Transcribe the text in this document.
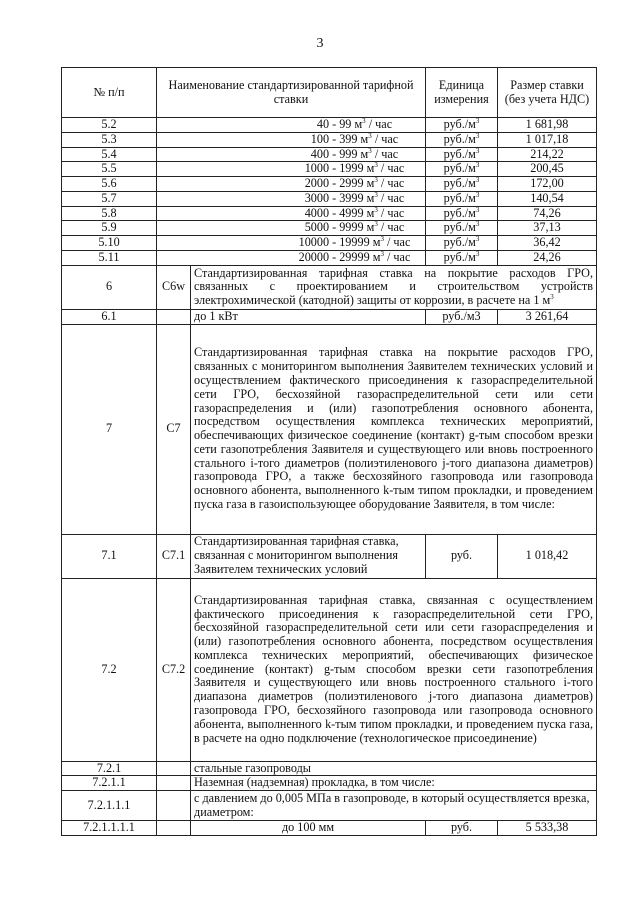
3
№ п/п	Наименование стандартизированной тарифной ставки		Единица измерения	Размер ставки (без учета НДС)
5.2	40 - 99 $м^3$ / час		$руб./м^3$	1 681,98
5.3	100 - 399 $м^3$ / час		$руб./м^3$	1 017,18
5.4	400 - 999 $м^3$ / час		$руб./м^3$	214,22
5.5	1000 - 1999 $м^3$ / час		$руб./м^3$	200,45
5.6	2000 - 2999 $м^3$ / час		$руб./м^3$	172,00
5.7	3000 - 3999 $м^3$ / час		$руб./м^3$	140,54
5.8	4000 - 4999 $м^3$ / час		$руб./м^3$	74,26
5.9	5000 - 9999 $м^3$ / час		$руб./м^3$	37,13
5.10	10000 - 19999 $м^3$ / час		$руб./м^3$	36,42
5.11	20000 - 29999 $м^3$ / час		$руб./м^3$	24,26
6	C6w	Стандартизированная тарифная ставка на покрытие расходов ГРО, связанных с проектированием и строительством устройств электрохимической (катодной) защиты от коррозии, в расчете на 1 $м^3$
6.1		до 1 кВт	руб./м3	3 261,64
7	C7	Стандартизированная тарифная ставка на покрытие расходов ГРО, связанных с мониторингом выполнения Заявителем технических условий и осуществлением фактического присоединения к газораспределительной сети ГРО, бесхозяйной газораспределительной сети или сети газораспределения и (или) газопотребления основного абонента, посредством осуществления комплекса технических мероприятий, обеспечивающих физическое соединение (контакт) g-тым способом врезки сети газопотребления Заявителя и существующего или вновь построенного стального i-того диаметров (полиэтиленового j-того диапазона диаметров) газопровода ГРО, а также бесхозяйного газопровода или газопровода основного абонента, выполненного k-тым типом прокладки, и проведением пуска газа в газоиспользующее оборудование Заявителя, в том числе:		
7.1	C7.1	Стандартизированная тарифная ставка, связанная с мониторингом выполнения Заявителем технических условий	руб.	1 018,42
7.2	C7.2	Стандартизированная тарифная ставка, связанная с осуществлением фактического присоединения к газораспределительной сети ГРО, бесхозяйной газораспределительной сети или сети газораспределения и (или) газопотребления основного абонента, посредством осуществления комплекса технических мероприятий, обеспечивающих физическое соединение (контакт) g-тым способом врезки сети газопотребления Заявителя и существующего или вновь построенного стального i-того диапазона диаметров (полиэтиленового j-того диапазона диаметров) газопровода ГРО, бесхозяйного газопровода или газопровода основного абонента, выполненного k-тым типом прокладки, и проведением пуска газа, в расчете на одно подключение (технологическое присоединение)		
7.2.1		стальные газопроводы		
7.2.1.1		Наземная (надземная) прокладка, в том числе:		
7.2.1.1.1		с давлением до 0,005 МПа в газопроводе, в который осуществляется врезка, диаметром:		
7.2.1.1.1.1		до 100 мм	руб.	5 533,38
